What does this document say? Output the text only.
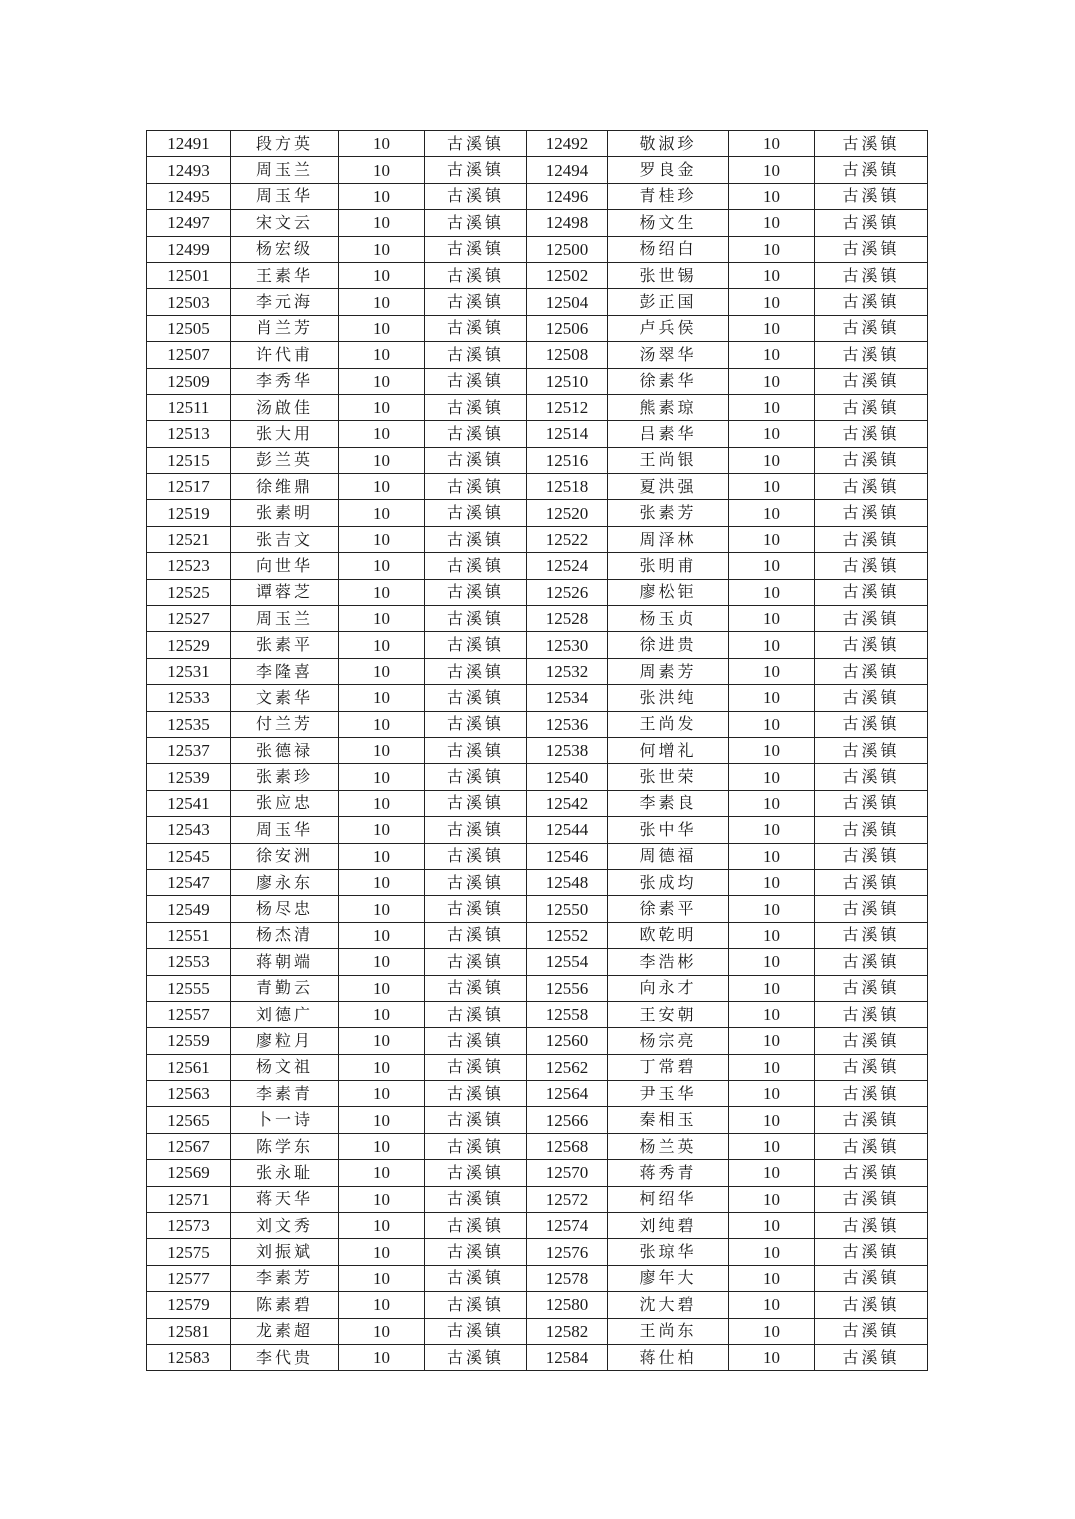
12491	段方英	10	古溪镇	12492	敬淑珍	10	古溪镇
12493	周玉兰	10	古溪镇	12494	罗良金	10	古溪镇
12495	周玉华	10	古溪镇	12496	青桂珍	10	古溪镇
12497	宋文云	10	古溪镇	12498	杨文生	10	古溪镇
12499	杨宏级	10	古溪镇	12500	杨绍白	10	古溪镇
12501	王素华	10	古溪镇	12502	张世锡	10	古溪镇
12503	李元海	10	古溪镇	12504	彭正国	10	古溪镇
12505	肖兰芳	10	古溪镇	12506	卢兵侯	10	古溪镇
12507	许代甫	10	古溪镇	12508	汤翠华	10	古溪镇
12509	李秀华	10	古溪镇	12510	徐素华	10	古溪镇
12511	汤啟佳	10	古溪镇	12512	熊素琼	10	古溪镇
12513	张大用	10	古溪镇	12514	吕素华	10	古溪镇
12515	彭兰英	10	古溪镇	12516	王尚银	10	古溪镇
12517	徐维鼎	10	古溪镇	12518	夏洪强	10	古溪镇
12519	张素明	10	古溪镇	12520	张素芳	10	古溪镇
12521	张吉文	10	古溪镇	12522	周泽林	10	古溪镇
12523	向世华	10	古溪镇	12524	张明甫	10	古溪镇
12525	谭蓉芝	10	古溪镇	12526	廖松钜	10	古溪镇
12527	周玉兰	10	古溪镇	12528	杨玉贞	10	古溪镇
12529	张素平	10	古溪镇	12530	徐进贵	10	古溪镇
12531	李隆喜	10	古溪镇	12532	周素芳	10	古溪镇
12533	文素华	10	古溪镇	12534	张洪纯	10	古溪镇
12535	付兰芳	10	古溪镇	12536	王尚发	10	古溪镇
12537	张德禄	10	古溪镇	12538	何增礼	10	古溪镇
12539	张素珍	10	古溪镇	12540	张世荣	10	古溪镇
12541	张应忠	10	古溪镇	12542	李素良	10	古溪镇
12543	周玉华	10	古溪镇	12544	张中华	10	古溪镇
12545	徐安洲	10	古溪镇	12546	周德福	10	古溪镇
12547	廖永东	10	古溪镇	12548	张成均	10	古溪镇
12549	杨尽忠	10	古溪镇	12550	徐素平	10	古溪镇
12551	杨杰清	10	古溪镇	12552	欧乾明	10	古溪镇
12553	蒋朝端	10	古溪镇	12554	李浩彬	10	古溪镇
12555	青勤云	10	古溪镇	12556	向永才	10	古溪镇
12557	刘德广	10	古溪镇	12558	王安朝	10	古溪镇
12559	廖粒月	10	古溪镇	12560	杨宗亮	10	古溪镇
12561	杨文祖	10	古溪镇	12562	丁常碧	10	古溪镇
12563	李素青	10	古溪镇	12564	尹玉华	10	古溪镇
12565	卜一诗	10	古溪镇	12566	秦相玉	10	古溪镇
12567	陈学东	10	古溪镇	12568	杨兰英	10	古溪镇
12569	张永耻	10	古溪镇	12570	蒋秀青	10	古溪镇
12571	蒋天华	10	古溪镇	12572	柯绍华	10	古溪镇
12573	刘文秀	10	古溪镇	12574	刘纯碧	10	古溪镇
12575	刘振斌	10	古溪镇	12576	张琼华	10	古溪镇
12577	李素芳	10	古溪镇	12578	廖年大	10	古溪镇
12579	陈素碧	10	古溪镇	12580	沈大碧	10	古溪镇
12581	龙素超	10	古溪镇	12582	王尚东	10	古溪镇
12583	李代贵	10	古溪镇	12584	蒋仕柏	10	古溪镇
